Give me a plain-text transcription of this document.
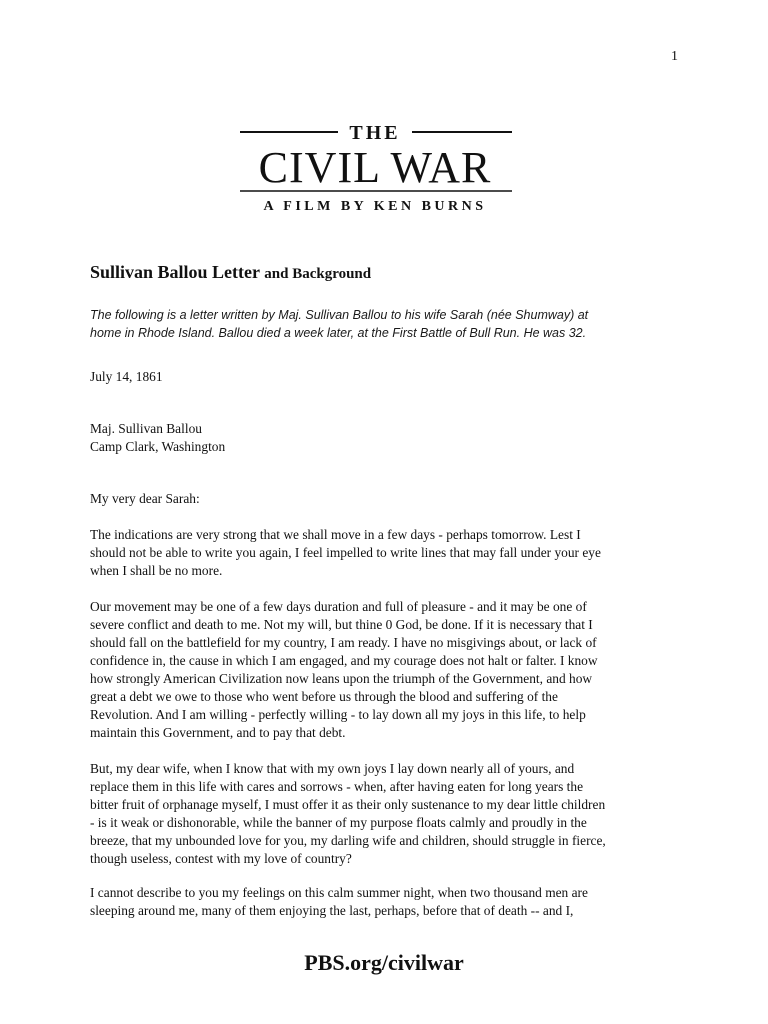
1
THE
CIVIL WAR
A FILM BY KEN BURNS
Sullivan Ballou Letter and Background
The following is a letter written by Maj. Sullivan Ballou to his wife Sarah (née Shumway) at
home in Rhode Island. Ballou died a week later, at the First Battle of Bull Run. He was 32.
July 14, 1861
Maj. Sullivan Ballou
Camp Clark, Washington
My very dear Sarah:

The indications are very strong that we shall move in a few days - perhaps tomorrow. Lest I

should not be able to write you again, I feel impelled to write lines that may fall under your eye

when I shall be no more.

Our movement may be one of a few days duration and full of pleasure - and it may be one of

severe conflict and death to me. Not my will, but thine 0 God, be done. If it is necessary that I

should fall on the battlefield for my country, I am ready. I have no misgivings about, or lack of

confidence in, the cause in which I am engaged, and my courage does not halt or falter. I know

how strongly American Civilization now leans upon the triumph of the Government, and how

great a debt we owe to those who went before us through the blood and suffering of the

Revolution. And I am willing - perfectly willing - to lay down all my joys in this life, to help

maintain this Government, and to pay that debt.

But, my dear wife, when I know that with my own joys I lay down nearly all of yours, and

replace them in this life with cares and sorrows - when, after having eaten for long years the

bitter fruit of orphanage myself, I must offer it as their only sustenance to my dear little children

- is it weak or dishonorable, while the banner of my purpose floats calmly and proudly in the

breeze, that my unbounded love for you, my darling wife and children, should struggle in fierce,

though useless, contest with my love of country?

I cannot describe to you my feelings on this calm summer night, when two thousand men are

sleeping around me, many of them enjoying the last, perhaps, before that of death -- and I,

PBS.org/civilwar
